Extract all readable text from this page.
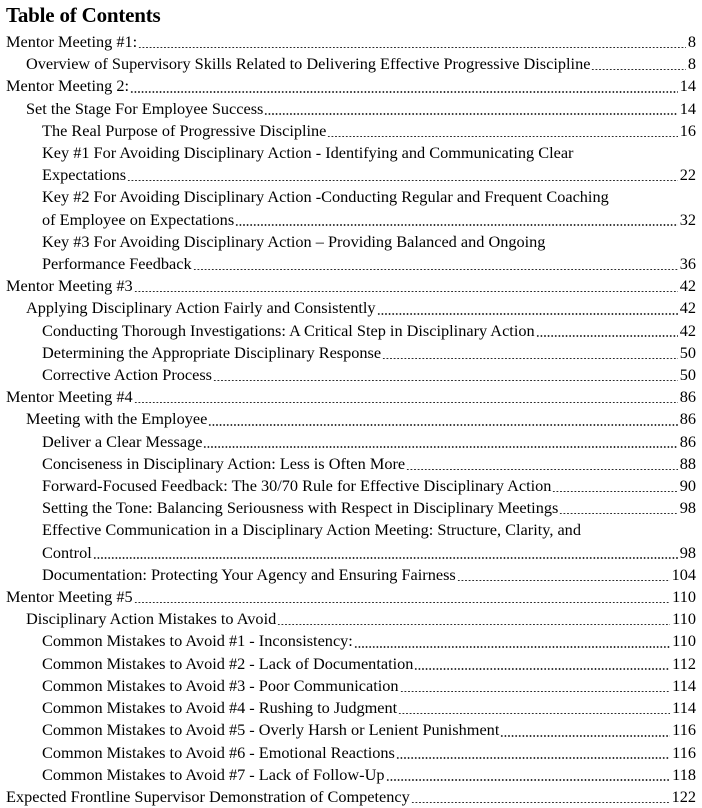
Table of Contents
Mentor Meeting #1:	8
Overview of Supervisory Skills Related to Delivering Effective Progressive Discipline	8
Mentor Meeting 2:	14
Set the Stage For Employee Success	14
The Real Purpose of Progressive Discipline	16
Key #1 For Avoiding Disciplinary Action - Identifying and Communicating Clear
Expectations	22
Key #2 For Avoiding Disciplinary Action -Conducting Regular and Frequent Coaching
of Employee on Expectations	32
Key #3 For Avoiding Disciplinary Action – Providing Balanced and Ongoing
Performance Feedback	36
Mentor Meeting #3	42
Applying Disciplinary Action Fairly and Consistently	42
Conducting Thorough Investigations: A Critical Step in Disciplinary Action	42
Determining the Appropriate Disciplinary Response	50
Corrective Action Process	50
Mentor Meeting #4	86
Meeting with the Employee	86
Deliver a Clear Message	86
Conciseness in Disciplinary Action: Less is Often More	88
Forward-Focused Feedback: The 30/70 Rule for Effective Disciplinary Action	90
Setting the Tone: Balancing Seriousness with Respect in Disciplinary Meetings	98
Effective Communication in a Disciplinary Action Meeting: Structure, Clarity, and
Control	98
Documentation: Protecting Your Agency and Ensuring Fairness	104
Mentor Meeting #5	110
Disciplinary Action Mistakes to Avoid	110
Common Mistakes to Avoid #1 - Inconsistency:	110
Common Mistakes to Avoid #2 - Lack of Documentation	112
Common Mistakes to Avoid #3 - Poor Communication	114
Common Mistakes to Avoid #4 - Rushing to Judgment	114
Common Mistakes to Avoid #5 - Overly Harsh or Lenient Punishment	116
Common Mistakes to Avoid #6 - Emotional Reactions	116
Common Mistakes to Avoid #7 - Lack of Follow-Up	118
Expected Frontline Supervisor Demonstration of Competency	122
